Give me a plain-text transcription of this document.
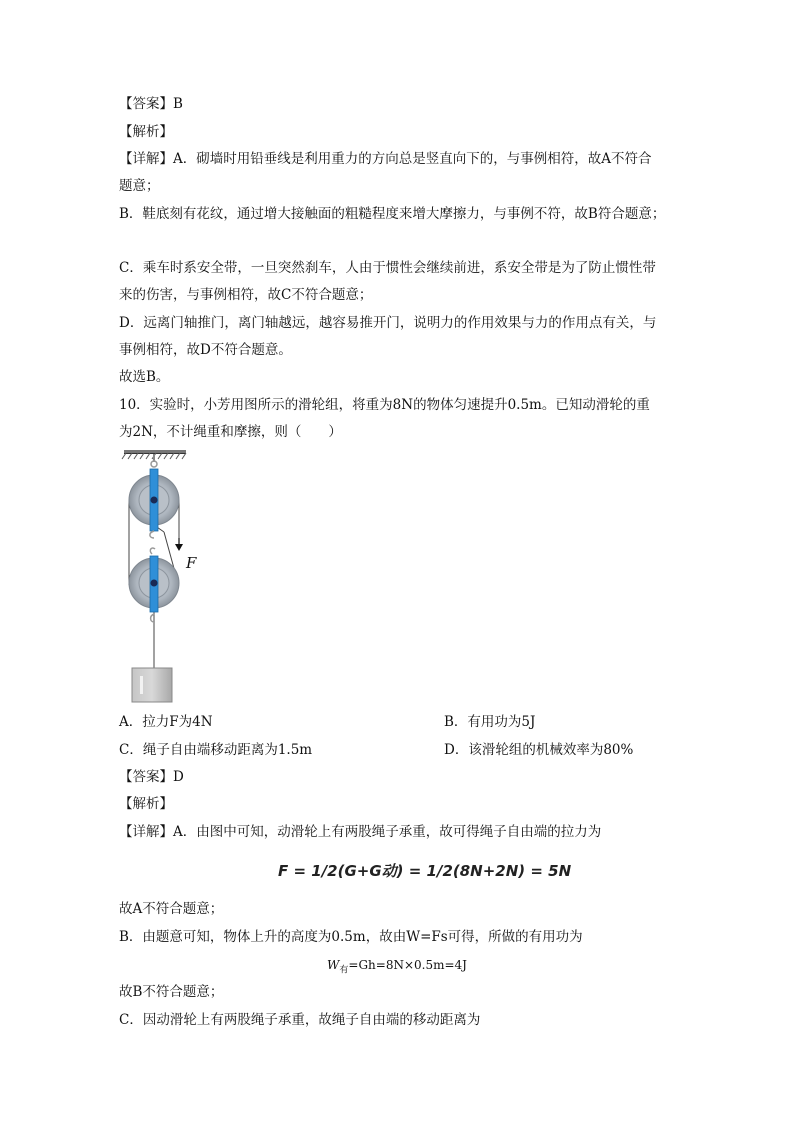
【答案】B
【解析】
【详解】A．砌墙时用铅垂线是利用重力的方向总是竖直向下的，与事例相符，故A不符合
题意；
B．鞋底刻有花纹，通过增大接触面的粗糙程度来增大摩擦力，与事例不符，故B符合题意；
C．乘车时系安全带，一旦突然刹车，人由于惯性会继续前进，系安全带是为了防止惯性带
来的伤害，与事例相符，故C不符合题意；
D．远离门轴推门，离门轴越远，越容易推开门，说明力的作用效果与力的作用点有关，与
事例相符，故D不符合题意。
故选B。
10．实验时，小芳用图所示的滑轮组，将重为8N的物体匀速提升0.5m。已知动滑轮的重
为2N，不计绳重和摩擦，则（　　）
F
A．拉力F为4N	B．有用功为5J
C．绳子自由端移动距离为1.5m	D．该滑轮组的机械效率为80%
【答案】D
【解析】
【详解】A．由图中可知，动滑轮上有两股绳子承重，故可得绳子自由端的拉力为
F = 1/2(G+G动) = 1/2(8N+2N) = 5N
故A不符合题意；
B．由题意可知，物体上升的高度为0.5m，故由W=Fs可得，所做的有用功为
$W_有=Gh=8N\times 0.5m=4J$
故B不符合题意；
C．因动滑轮上有两股绳子承重，故绳子自由端的移动距离为
